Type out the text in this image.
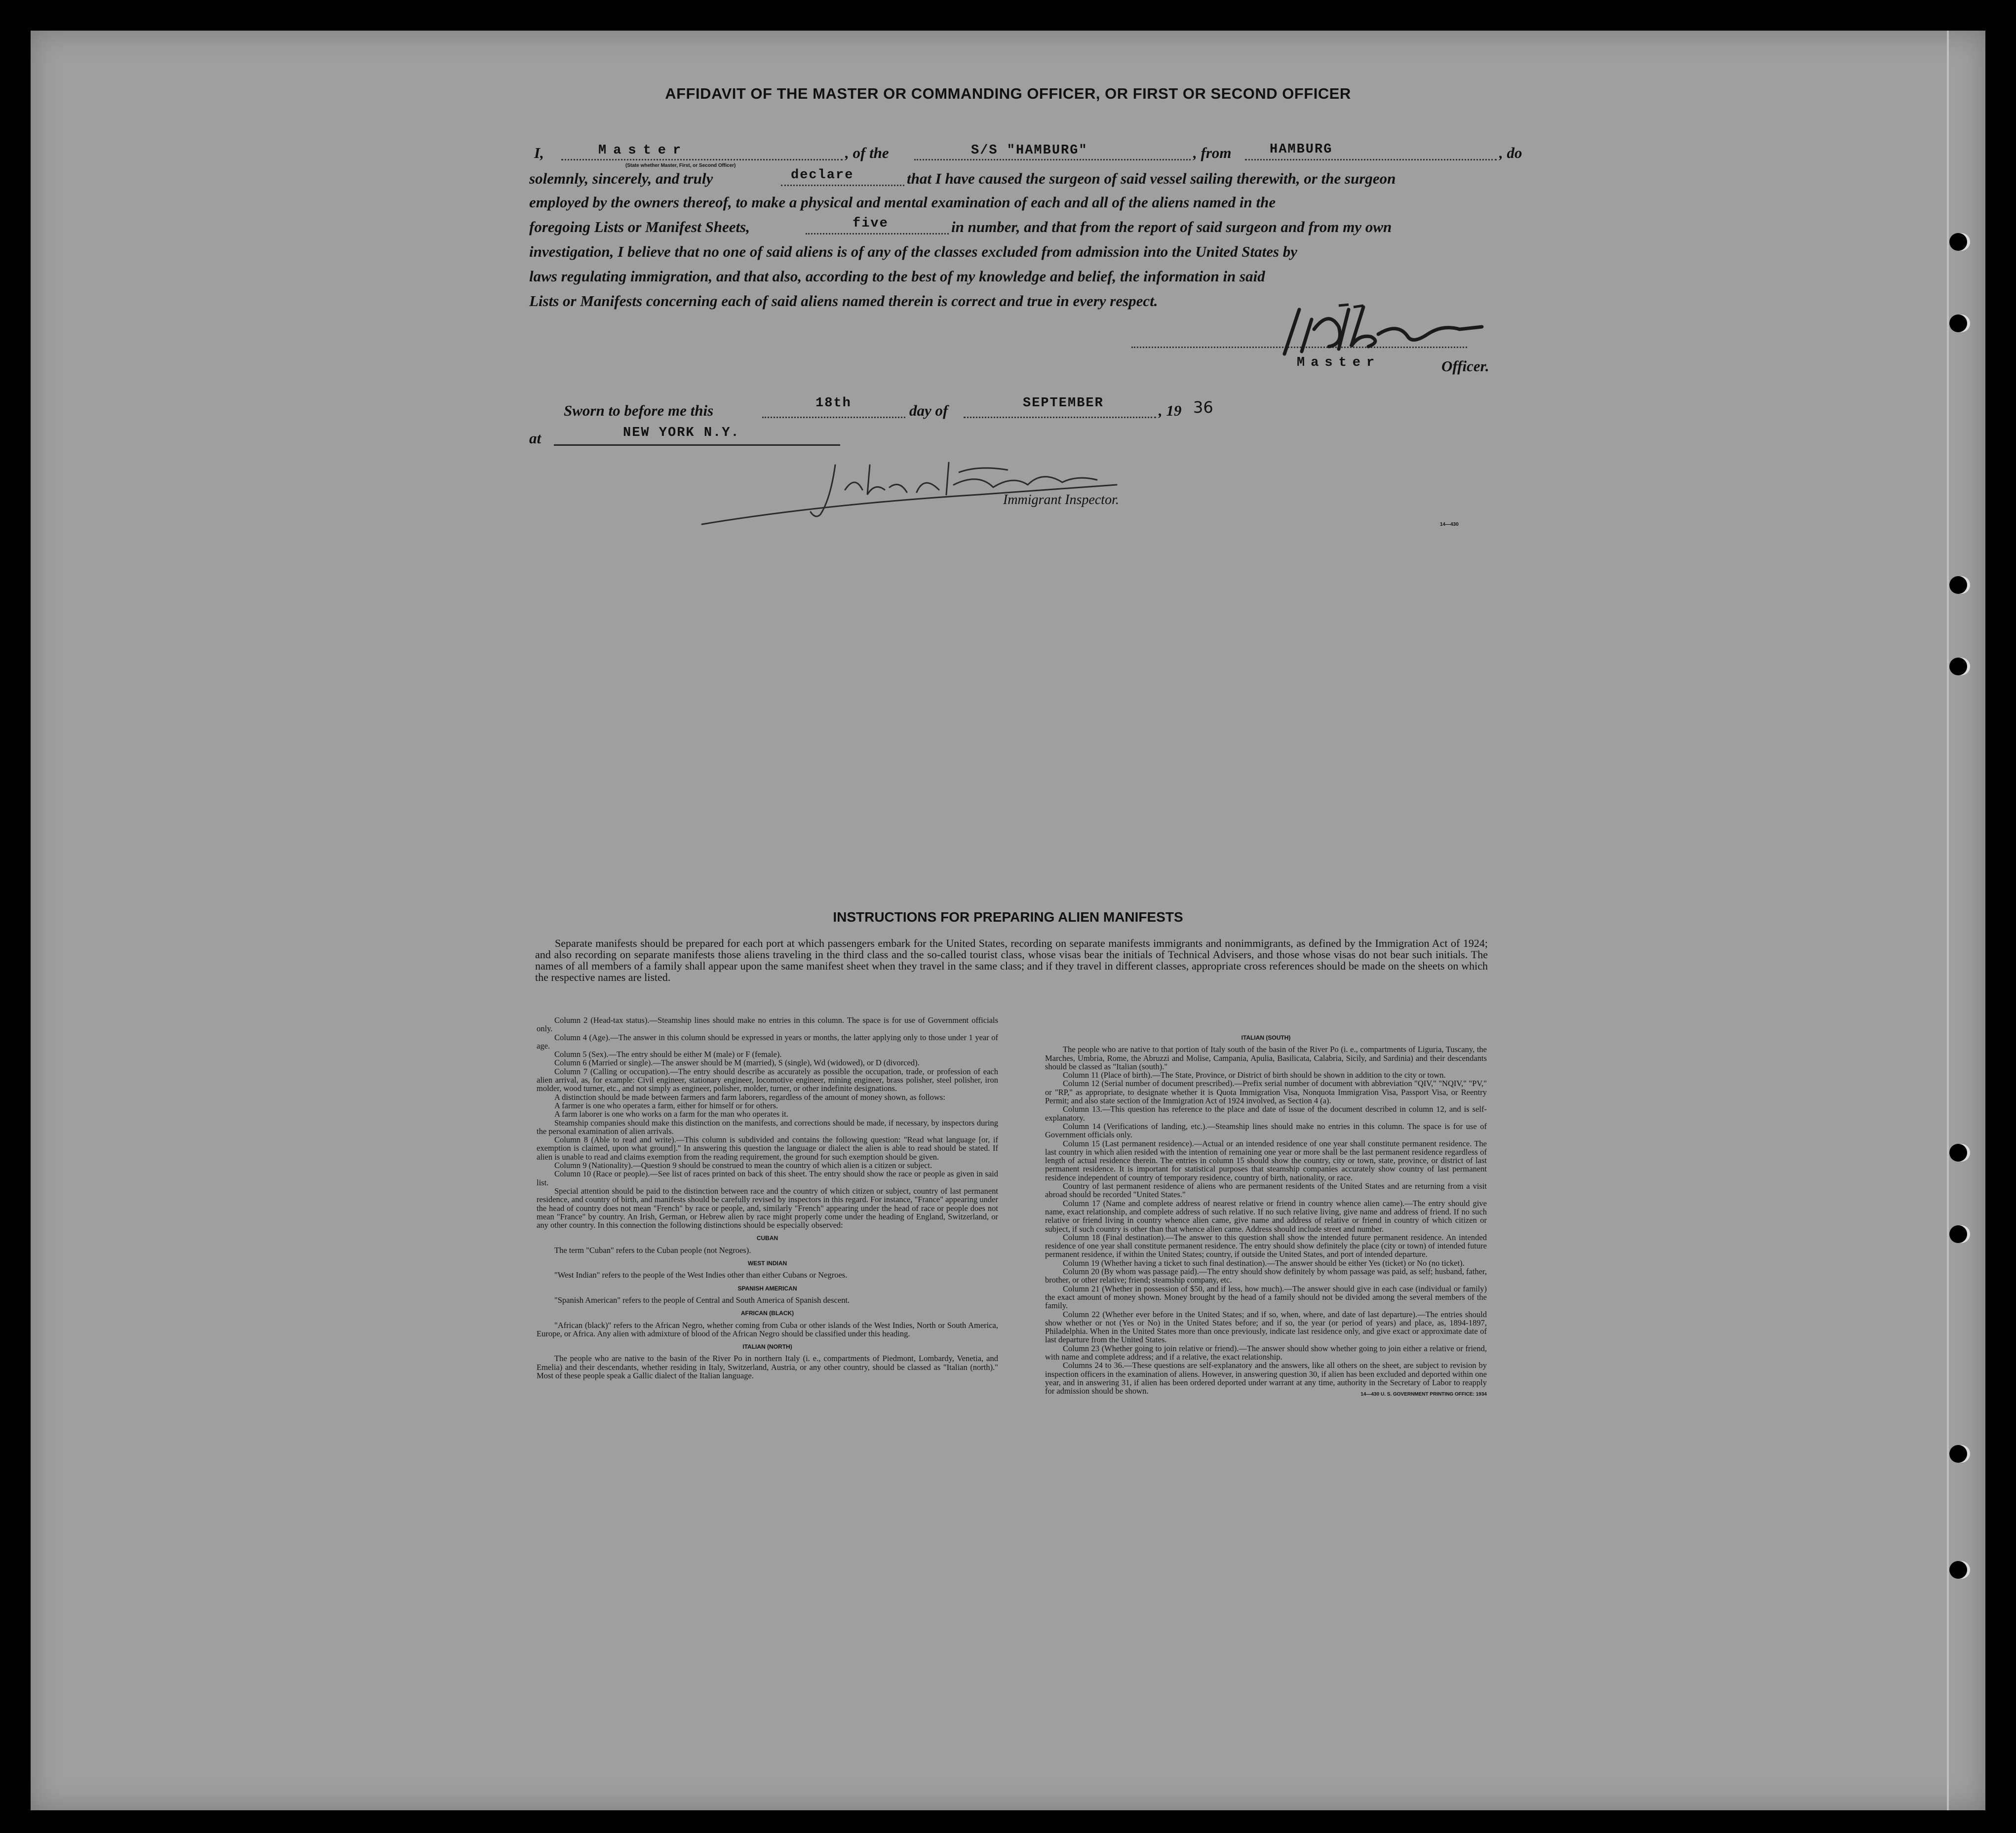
AFFIDAVIT OF THE MASTER OR COMMANDING OFFICER, OR FIRST OR SECOND OFFICER
I,	Master
(State whether Master, First, or Second Officer)
, of the	S/S "HAMBURG"	, from	HAMBURG	, do
solemnly, sincerely, and truly	declare	that I have caused the surgeon of said vessel sailing therewith, or the surgeon
employed by the owners thereof, to make a physical and mental examination of each and all of the aliens named in the
foregoing Lists or Manifest Sheets,	five	in number, and that from the report of said surgeon and from my own
investigation, I believe that no one of said aliens is of any of the classes excluded from admission into the United States by
laws regulating immigration, and that also, according to the best of my knowledge and belief, the information in said
Lists or Manifests concerning each of said aliens named therein is correct and true in every respect.
Master	Officer.
Sworn to before me this	18th	day of	SEPTEMBER	, 19 36
at	NEW YORK N.Y.
Immigrant Inspector.
14—430
INSTRUCTIONS FOR PREPARING ALIEN MANIFESTS
Separate manifests should be prepared for each port at which passengers embark for the United States, recording on separate manifests immigrants and nonimmigrants, as defined by the Immigration Act of 1924; and also recording on separate manifests those aliens traveling in the third class and the so-called tourist class, whose visas bear the initials of Technical Advisers, and those whose visas do not bear such initials. The names of all members of a family shall appear upon the same manifest sheet when they travel in the same class; and if they travel in different classes, appropriate cross references should be made on the sheets on which the respective names are listed.

Column 2 (Head-tax status).—Steamship lines should make no entries in this column. The space is for use of Government officials only.

Column 4 (Age).—The answer in this column should be expressed in years or months, the latter applying only to those under 1 year of age.

Column 5 (Sex).—The entry should be either M (male) or F (female).

Column 6 (Married or single).—The answer should be M (married), S (single), Wd (widowed), or D (divorced).

Column 7 (Calling or occupation).—The entry should describe as accurately as possible the occupation, trade, or profession of each alien arrival, as, for example: Civil engineer, stationary engineer, locomotive engineer, mining engineer, brass polisher, steel polisher, iron molder, wood turner, etc., and not simply as engineer, polisher, molder, turner, or other indefinite designations.

A distinction should be made between farmers and farm laborers, regardless of the amount of money shown, as follows:

A farmer is one who operates a farm, either for himself or for others.

A farm laborer is one who works on a farm for the man who operates it.

Steamship companies should make this distinction on the manifests, and corrections should be made, if necessary, by inspectors during the personal examination of alien arrivals.

Column 8 (Able to read and write).—This column is subdivided and contains the following question: "Read what language [or, if exemption is claimed, upon what ground]." In answering this question the language or dialect the alien is able to read should be stated. If alien is unable to read and claims exemption from the reading requirement, the ground for such exemption should be given.

Column 9 (Nationality).—Question 9 should be construed to mean the country of which alien is a citizen or subject.

Column 10 (Race or people).—See list of races printed on back of this sheet. The entry should show the race or people as given in said list.

Special attention should be paid to the distinction between race and the country of which citizen or subject, country of last permanent residence, and country of birth, and manifests should be carefully revised by inspectors in this regard. For instance, "France" appearing under the head of country does not mean "French" by race or people, and, similarly "French" appearing under the head of race or people does not mean "France" by country. An Irish, German, or Hebrew alien by race might properly come under the heading of England, Switzerland, or any other country. In this connection the following distinctions should be especially observed:

CUBAN

The term "Cuban" refers to the Cuban people (not Negroes).

WEST INDIAN

"West Indian" refers to the people of the West Indies other than either Cubans or Negroes.

SPANISH AMERICAN

"Spanish American" refers to the people of Central and South America of Spanish descent.

AFRICAN (BLACK)

"African (black)" refers to the African Negro, whether coming from Cuba or other islands of the West Indies, North or South America, Europe, or Africa. Any alien with admixture of blood of the African Negro should be classified under this heading.

ITALIAN (NORTH)

The people who are native to the basin of the River Po in northern Italy (i. e., compartments of Piedmont, Lombardy, Venetia, and Emelia) and their descendants, whether residing in Italy, Switzerland, Austria, or any other country, should be classed as "Italian (north)." Most of these people speak a Gallic dialect of the Italian language.

ITALIAN (SOUTH)

The people who are native to that portion of Italy south of the basin of the River Po (i. e., compartments of Liguria, Tuscany, the Marches, Umbria, Rome, the Abruzzi and Molise, Campania, Apulia, Basilicata, Calabria, Sicily, and Sardinia) and their descendants should be classed as "Italian (south)."

Column 11 (Place of birth).—The State, Province, or District of birth should be shown in addition to the city or town.

Column 12 (Serial number of document prescribed).—Prefix serial number of document with abbreviation "QIV," "NQIV," "PV," or "RP," as appropriate, to designate whether it is Quota Immigration Visa, Nonquota Immigration Visa, Passport Visa, or Reentry Permit; and also state section of the Immigration Act of 1924 involved, as Section 4 (a).

Column 13.—This question has reference to the place and date of issue of the document described in column 12, and is self-explanatory.

Column 14 (Verifications of landing, etc.).—Steamship lines should make no entries in this column. The space is for use of Government officials only.

Column 15 (Last permanent residence).—Actual or an intended residence of one year shall constitute permanent residence. The last country in which alien resided with the intention of remaining one year or more shall be the last permanent residence regardless of length of actual residence therein. The entries in column 15 should show the country, city or town, state, province, or district of last permanent residence. It is important for statistical purposes that steamship companies accurately show country of last permanent residence independent of country of temporary residence, country of birth, nationality, or race.

Country of last permanent residence of aliens who are permanent residents of the United States and are returning from a visit abroad should be recorded "United States."

Column 17 (Name and complete address of nearest relative or friend in country whence alien came).—The entry should give name, exact relationship, and complete address of such relative. If no such relative living, give name and address of friend. If no such relative or friend living in country whence alien came, give name and address of relative or friend in country of which citizen or subject, if such country is other than that whence alien came. Address should include street and number.

Column 18 (Final destination).—The answer to this question shall show the intended future permanent residence. An intended residence of one year shall constitute permanent residence. The entry should show definitely the place (city or town) of intended future permanent residence, if within the United States; country, if outside the United States, and port of intended departure.

Column 19 (Whether having a ticket to such final destination).—The answer should be either Yes (ticket) or No (no ticket).

Column 20 (By whom was passage paid).—The entry should show definitely by whom passage was paid, as self; husband, father, brother, or other relative; friend; steamship company, etc.

Column 21 (Whether in possession of $50, and if less, how much).—The answer should give in each case (individual or family) the exact amount of money shown. Money brought by the head of a family should not be divided among the several members of the family.

Column 22 (Whether ever before in the United States; and if so, when, where, and date of last departure).—The entries should show whether or not (Yes or No) in the United States before; and if so, the year (or period of years) and place, as, 1894-1897, Philadelphia. When in the United States more than once previously, indicate last residence only, and give exact or approximate date of last departure from the United States.

Column 23 (Whether going to join relative or friend).—The answer should show whether going to join either a relative or friend, with name and complete address; and if a relative, the exact relationship.

Columns 24 to 36.—These questions are self-explanatory and the answers, like all others on the sheet, are subject to revision by inspection officers in the examination of aliens. However, in answering question 30, if alien has been excluded and deported within one year, and in answering 31, if alien has been ordered deported under warrant at any time, authority in the Secretary of Labor to reapply for admission should be shown.	14—430 U. S. GOVERNMENT PRINTING OFFICE: 1934
